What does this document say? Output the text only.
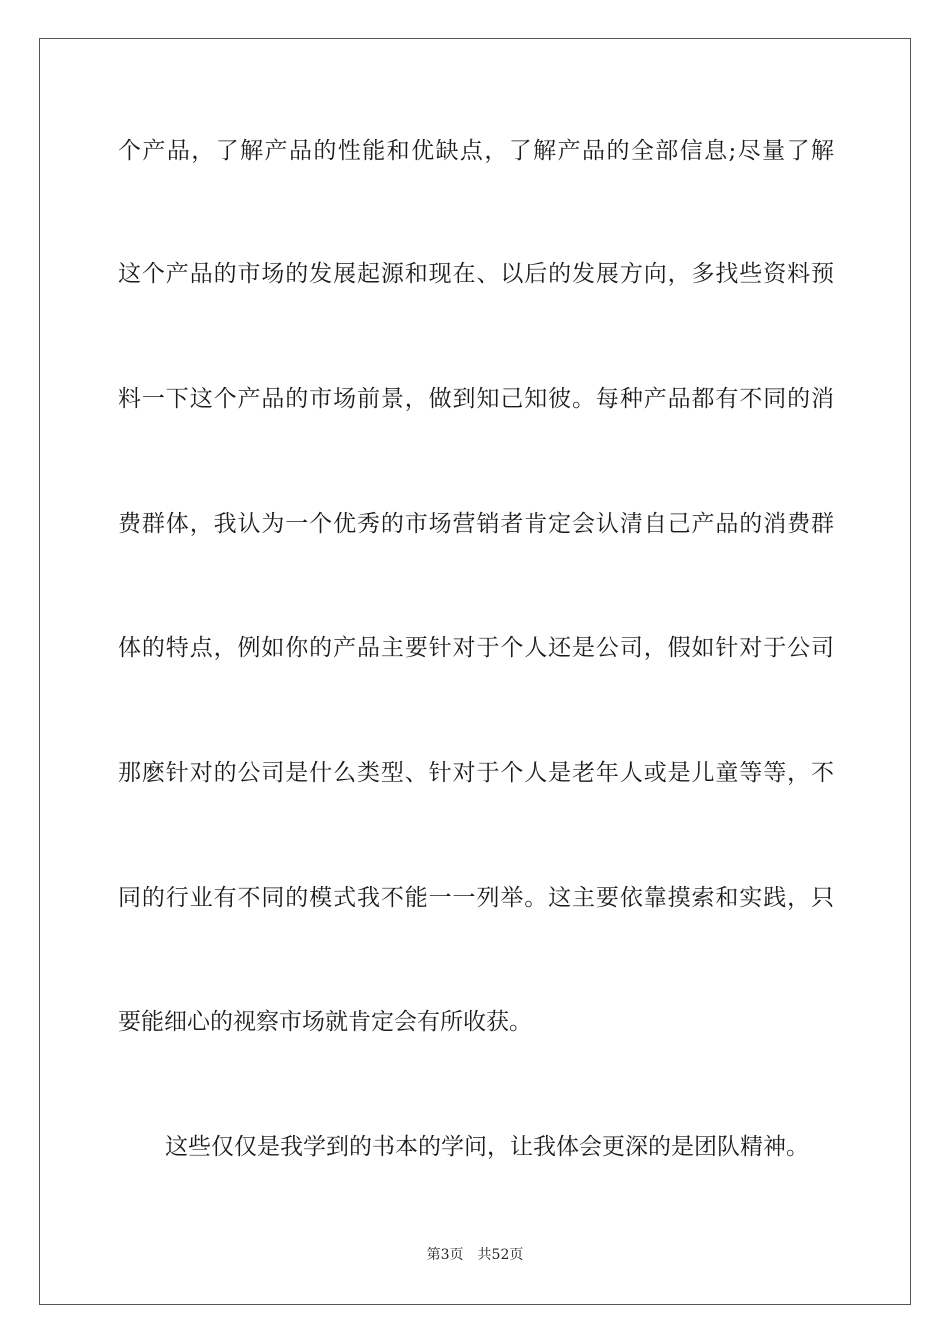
个产品，了解产品的性能和优缺点，了解产品的全部信息;尽量了解
这个产品的市场的发展起源和现在、以后的发展方向，多找些资料预
料一下这个产品的市场前景，做到知己知彼。每种产品都有不同的消
费群体，我认为一个优秀的市场营销者肯定会认清自己产品的消费群
体的特点，例如你的产品主要针对于个人还是公司，假如针对于公司
那麽针对的公司是什么类型、针对于个人是老年人或是儿童等等，不
同的行业有不同的模式我不能一一列举。这主要依靠摸索和实践，只
要能细心的视察市场就肯定会有所收获。
这些仅仅是我学到的书本的学问，让我体会更深的是团队精神。
第3页 共52页
